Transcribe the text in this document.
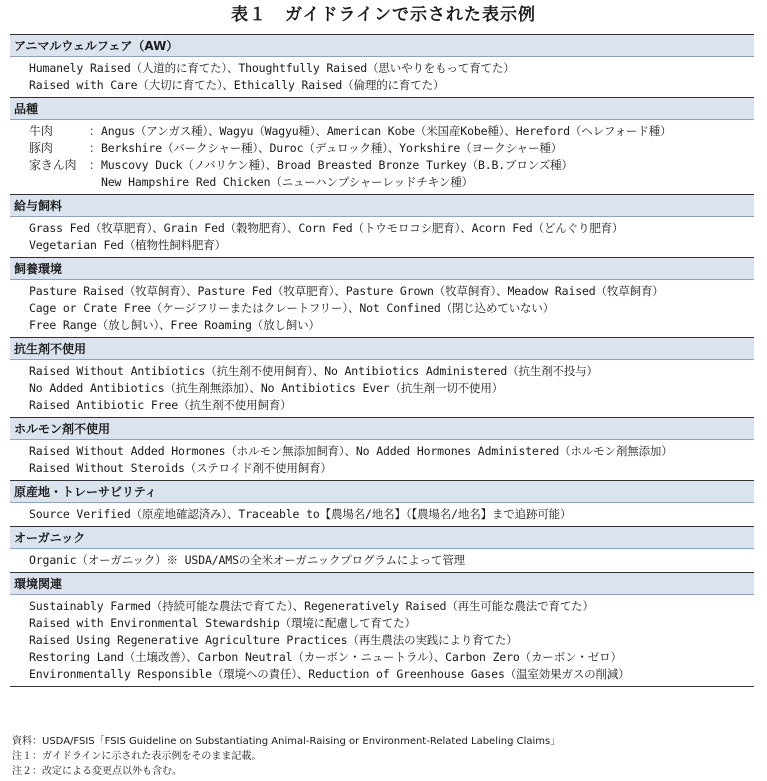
表１　ガイドラインで示された表示例
アニマルウェルフェア（AW）
Humanely Raised（人道的に育てた）、Thoughtfully Raised（思いやりをもって育てた）
Raised with Care（大切に育てた）、Ethically Raised（倫理的に育てた）
品種
牛肉	： Angus（アンガス種）、Wagyu（Wagyu種）、American Kobe（米国産Kobe種）、Hereford（ヘレフォード種）
豚肉	： Berkshire（バークシャー種）、Duroc（デュロック種）、Yorkshire（ヨークシャー種）
家きん肉	： Muscovy Duck（ノバリケン種）、Broad Breasted Bronze Turkey（B.B.ブロンズ種）
New Hampshire Red Chicken（ニューハンプシャーレッドチキン種）
給与飼料
Grass Fed（牧草肥育）、Grain Fed（穀物肥育）、Corn Fed（トウモロコシ肥育）、Acorn Fed（どんぐり肥育）
Vegetarian Fed（植物性飼料肥育）
飼養環境
Pasture Raised（牧草飼育）、Pasture Fed（牧草肥育）、Pasture Grown（牧草飼育）、Meadow Raised（牧草飼育）
Cage or Crate Free（ケージフリーまたはクレートフリー）、Not Confined（閉じ込めていない）
Free Range（放し飼い）、Free Roaming（放し飼い）
抗生剤不使用
Raised Without Antibiotics（抗生剤不使用飼育）、No Antibiotics Administered（抗生剤不投与）
No Added Antibiotics（抗生剤無添加）、No Antibiotics Ever（抗生剤一切不使用）
Raised Antibiotic Free（抗生剤不使用飼育）
ホルモン剤不使用
Raised Without Added Hormones（ホルモン無添加飼育）、No Added Hormones Administered（ホルモン剤無添加）
Raised Without Steroids（ステロイド剤不使用飼育）
原産地・トレーサビリティ
Source Verified（原産地確認済み）、Traceable to【農場名/地名】（【農場名/地名】まで追跡可能）
オーガニック
Organic（オーガニック）※ USDA/AMSの全米オーガニックプログラムによって管理
環境関連
Sustainably Farmed（持続可能な農法で育てた）、Regeneratively Raised（再生可能な農法で育てた）
Raised with Environmental Stewardship（環境に配慮して育てた）
Raised Using Regenerative Agriculture Practices（再生農法の実践により育てた）
Restoring Land（土壌改善）、Carbon Neutral（カーボン・ニュートラル）、Carbon Zero（カーボン・ゼロ）
Environmentally Responsible（環境への責任）、Reduction of Greenhouse Gases（温室効果ガスの削減）
資料：USDA/FSIS「FSIS Guideline on Substantiating Animal-Raising or Environment-Related Labeling Claims」
注１：ガイドラインに示された表示例をそのまま記載。
注２：改定による変更点以外も含む。
